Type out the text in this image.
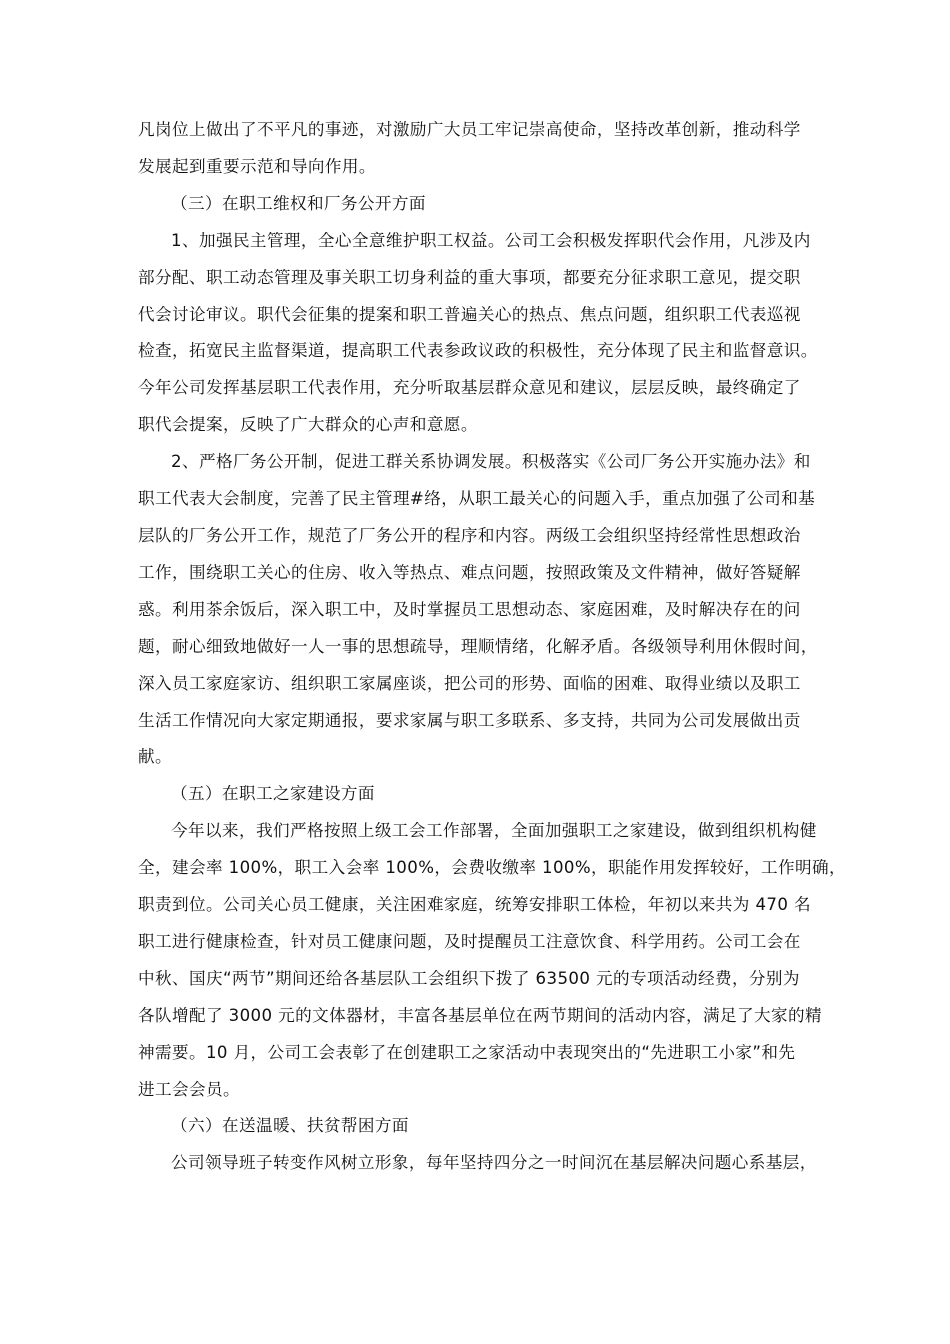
凡岗位上做出了不平凡的事迹，对激励广大员工牢记崇高使命，坚持改革创新，推动科学
发展起到重要示范和导向作用。
（三）在职工维权和厂务公开方面
1、加强民主管理，全心全意维护职工权益。公司工会积极发挥职代会作用，凡涉及内
部分配、职工动态管理及事关职工切身利益的重大事项，都要充分征求职工意见，提交职
代会讨论审议。职代会征集的提案和职工普遍关心的热点、焦点问题，组织职工代表巡视
检查，拓宽民主监督渠道，提高职工代表参政议政的积极性，充分体现了民主和监督意识。
今年公司发挥基层职工代表作用，充分听取基层群众意见和建议，层层反映，最终确定了
职代会提案，反映了广大群众的心声和意愿。
2、严格厂务公开制，促进工群关系协调发展。积极落实《公司厂务公开实施办法》和
职工代表大会制度，完善了民主管理#络，从职工最关心的问题入手，重点加强了公司和基
层队的厂务公开工作，规范了厂务公开的程序和内容。两级工会组织坚持经常性思想政治
工作，围绕职工关心的住房、收入等热点、难点问题，按照政策及文件精神，做好答疑解
惑。利用茶余饭后，深入职工中，及时掌握员工思想动态、家庭困难，及时解决存在的问
题，耐心细致地做好一人一事的思想疏导，理顺情绪，化解矛盾。各级领导利用休假时间，
深入员工家庭家访、组织职工家属座谈，把公司的形势、面临的困难、取得业绩以及职工
生活工作情况向大家定期通报，要求家属与职工多联系、多支持，共同为公司发展做出贡
献。
（五）在职工之家建设方面
今年以来，我们严格按照上级工会工作部署，全面加强职工之家建设，做到组织机构健
全，建会率 100%，职工入会率 100%，会费收缴率 100%，职能作用发挥较好，工作明确，
职责到位。公司关心员工健康，关注困难家庭，统筹安排职工体检，年初以来共为 470 名
职工进行健康检查，针对员工健康问题，及时提醒员工注意饮食、科学用药。公司工会在
中秋、国庆“两节”期间还给各基层队工会组织下拨了 63500 元的专项活动经费，分别为
各队增配了 3000 元的文体器材，丰富各基层单位在两节期间的活动内容，满足了大家的精
神需要。10 月，公司工会表彰了在创建职工之家活动中表现突出的“先进职工小家”和先
进工会会员。
（六）在送温暖、扶贫帮困方面
公司领导班子转变作风树立形象，每年坚持四分之一时间沉在基层解决问题心系基层，
